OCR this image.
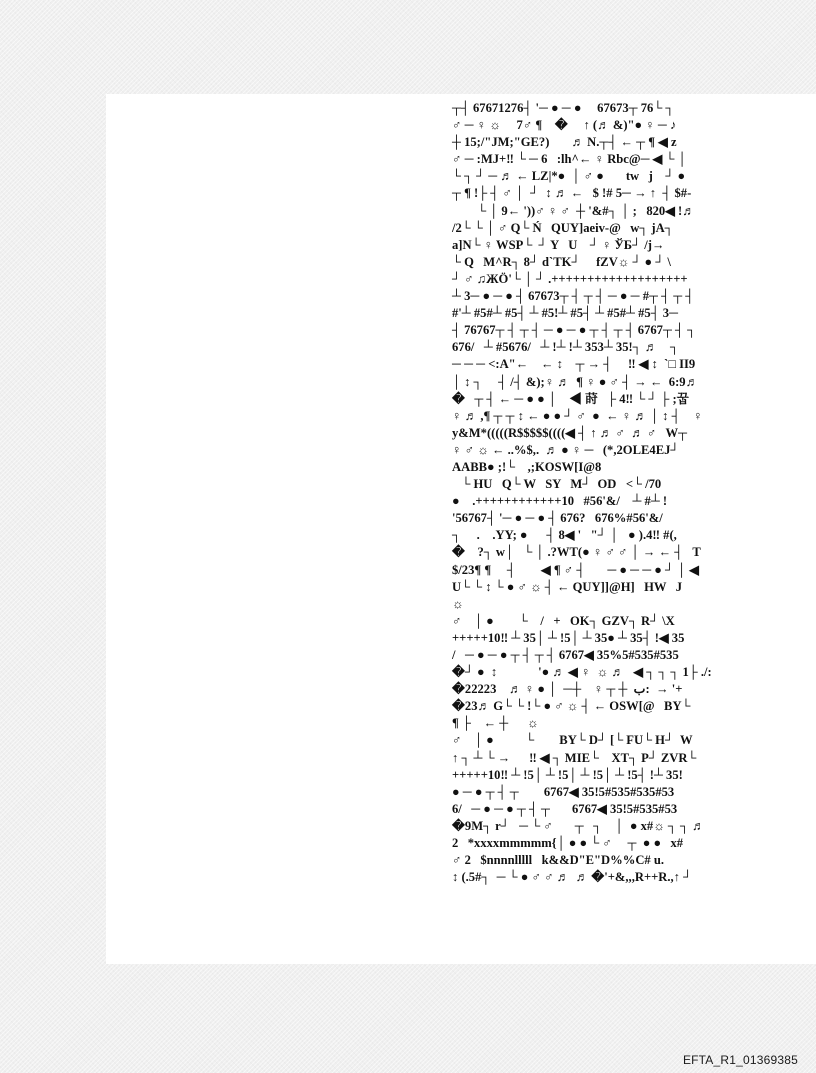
┬┤ 67671276┤ '─ ● ─ ●     67673┬ 76└ ┐
♂ ─ ♀ ☼     7♂ ¶    �     ↑ (♬ &)"● ♀ ─ ♪
┼ 15;/"JM;"GE?)       ♬ N.┬┤ ← ┬ ¶ ◀ z
♂ ─ :MJ+‼ └ ─ 6   :lh^← ♀ Rbc@─ ◀ └ │
└ ┐ ┘ ─ ♬ ← LZ|*●  │ ♂ ●       tw   j    ┘ ●
┬ ¶ !├ ┤ ♂ │  ┘  ↕ ♬ ←   $ !# 5─ → ↑  ┤ $#-
└ │ 9← '))♂ ♀ ♂  ┼ '&#┐ │ ;   820◀ !♬
/2└ └ │ ♂ Q└ Ń   QUY]aeiv-@   w┐ jA┐
a]N└ ♀ WSP└  ┘ Y   U    ┘ ♀ ЎБ┘ /j→
└ Q   M^R┐ 8┘ d`TK┘     fZV☼ ┘ ● ┘ \
┘ ♂ ♫ЖÖ'└ │ ┘ .+++++++++++++++++++
┴ 3─ ● ─ ● ┤ 67673┬ ┤ ┬ ┤ ─ ● ─ #┬ ┤ ┬ ┤
#'┴ #5#┴ #5┤ ┴ #5!┴ #5┤ ┴ #5#┴ #5┤ 3─
┤ 76767┬ ┤ ┬ ┤ ─ ● ─ ● ┬ ┤ ┬ ┤ 6767┬ ┤ ┐
676/   ┴ #5676/   ┴ !┴ !┴ 353┴ 35!┐ ♬    ┐
─ ─ ─ <:A"←    ← ↕    ┬ → ┤     ‼ ◀ ↕  `□ II9
│ ↕ ┐     ┤ /┤ &);♀ ♬  ¶ ♀ ● ♂ ┤ → ←  6:9♬
�   ┬ ┤ ← ─ ● ● │    ◀ 莳   ├ 4‼ └ ┘ ├ ;꿉
♀ ♬ ,¶ ┬ ┬ ↕ ← ● ● ┘ ♂  ●  ← ♀ ♬ │ ↕ ┤    ♀
y&M*(((((R$$$$$((((◀ ┤ ↑ ♬ ♂  ♬ ♂   W┬
♀ ♂ ☼ ← ..%$,.  ♬ ● ♀ ─   (*,2OLE4EJ┘
AABB● ;!└    ,;KOSW[I@8
└ HU   Q└ W   SY   M┘  OD   <└ /70
●    .++++++++++++10   #56'&/    ┴ #┴ !
'56767┤ '─ ● ─ ● ┤ 676?   676%#56'&/
┐     .    .YY; ●      ┤ 8◀ '   "┘ │   ● ).4‼ #(,
�    ?┐ w│   └ │ .?WT(● ♀ ♂ ♂ │ → ← ┤   T
$/23¶ ¶     ┤        ◀ ¶ ♂ ┤       ─ ● ─ ─ ● ┘ │ ◀
U└ └ ↕ └ ● ♂ ☼ ┤ ← QUY]]@H]   HW   J
☼
♂    │ ●        └    /   +   OK┐ GZV┐ R┘ \X
+++++10‼ ┴ 35│ ┴ !5│ ┴ 35● ┴ 35┤ !◀ 35
/   ─ ● ─ ● ┬ ┤ ┬ ┤ 6767◀ 35%5#535#535
�┘ ●  ↕             '● ♬ ◀ ♀  ☼ ♬   ◀ ┐ ┐ ┐ 1├ ./:
�2222ب  ┼ ┬ ♀    ┼─  │ ● ♀ ♬    3:  → '+
�23♬ G└ └ !└ ● ♂ ☼ ┤ ← OSW[@   BY└
¶ ├    ← ┼      ☼
♂    │ ●          └        BY└ D┘ [└ FU└ H┘  W
↑ ┐ ┴ └ →      ‼ ◀ ┐ MIE└    XT┐ P┘ ZVR└
+++++10‼ ┴ !5│ ┴ !5│ ┴ !5│ ┴ !5┤ !┴ 35!
● ─ ● ┬ ┤ ┬        6767◀ 35!5#535#535#53
6/   ─ ● ─ ● ┬ ┤ ┬       6767◀ 35!5#535#53
�9M┐ r┘   ─ └ ♂       ┬   ┐    │  ● x#☼ ┐ ┐ ♬
2   *xxxxmmmmm{│ ● ● └ ♂     ┬  ● ●   x#
♂ 2   $nnnnlllll   k&&D"E"D%%C# u.
↕ (.5#┐  ─ └ ● ♂ ♂ ♬  ♬ �'+&,,,R++R.,↑ ┘
EFTA_R1_01369385
